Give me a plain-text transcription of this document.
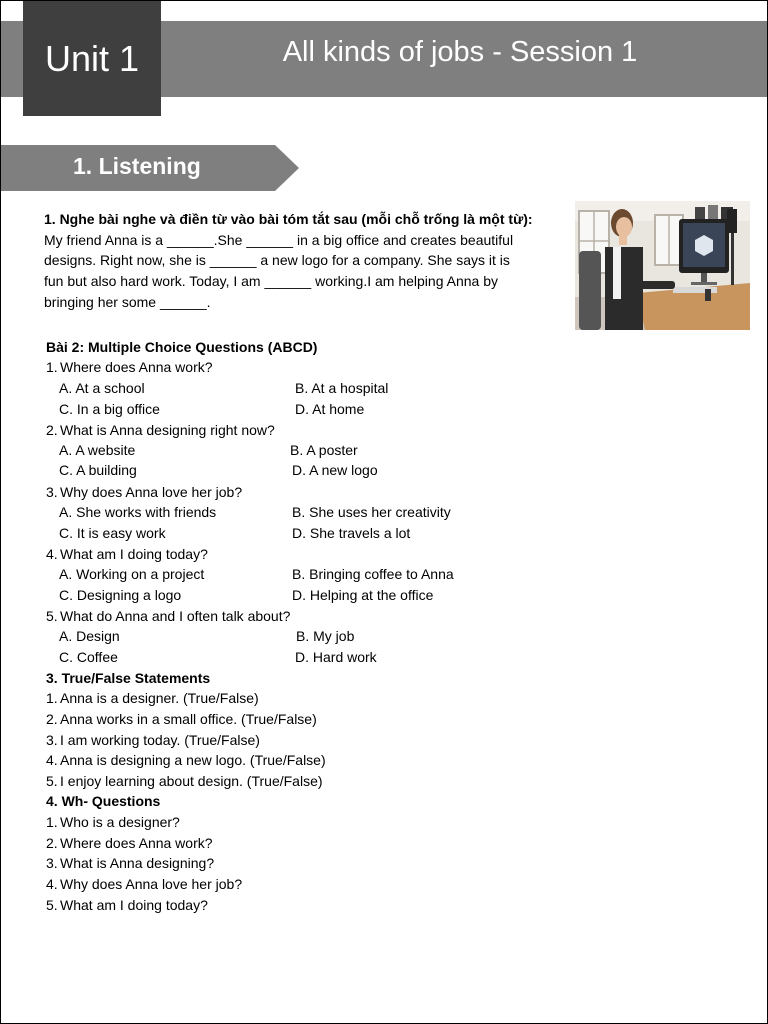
Unit 1	All kinds of jobs - Session 1
1. Listening
1. Nghe bài nghe và điền từ vào bài tóm tắt sau (mỗi chỗ trống là một từ):
My friend Anna is a ______.She ______ in a big office and creates beautiful
designs. Right now, she is ______ a new logo for a company. She says it is
fun but also hard work. Today, I am ______ working.I am helping Anna by
bringing her some ______.
Bài 2: Multiple Choice Questions (ABCD)
1. Where does Anna work?
A. At a school	B. At a hospital
C. In a big office	D. At home
2. What is Anna designing right now?
A. A website	B. A poster
C. A building	D. A new logo
3. Why does Anna love her job?
A. She works with friends	B. She uses her creativity
C. It is easy work	D. She travels a lot
4. What am I doing today?
A. Working on a project	B. Bringing coffee to Anna
C. Designing a logo	D. Helping at the office
5. What do Anna and I often talk about?
A. Design	B. My job
C. Coffee	D. Hard work
3. True/False Statements
1. Anna is a designer. (True/False)
2. Anna works in a small office. (True/False)
3. I am working today. (True/False)
4. Anna is designing a new logo. (True/False)
5. I enjoy learning about design. (True/False)
4. Wh- Questions
1. Who is a designer?
2. Where does Anna work?
3. What is Anna designing?
4. Why does Anna love her job?
5. What am I doing today?
